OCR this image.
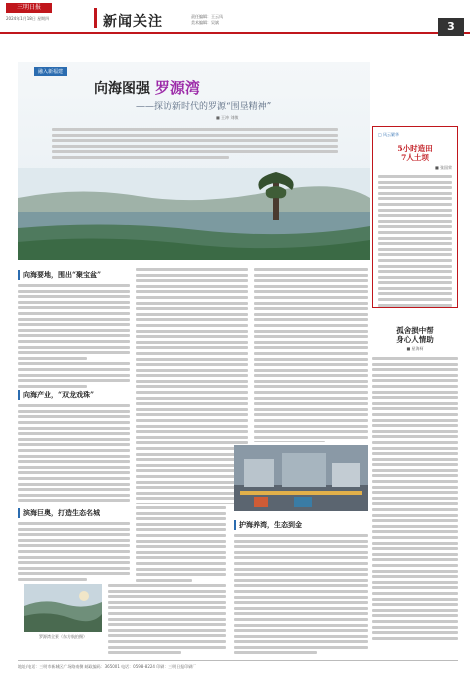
三明日报
2024年1月18日 星期四	新闻关注	责任编辑：王云凤
美术编辑：吴斌	3
融入新福建
向海图强 罗源湾
——探访新时代的罗源“围垦精神”
■ 王冲 刘敏
向海要地，围出“聚宝盆”
向海产业，“双龙戏珠”
滨海巨奥，打造生态名城
护海养湾，生态到金
罗源湾全景（东方航拍摄）
□ 风云繁华
5小时造田
7人土坝
■ 张国荣
孤舍损中帮
身心人情助
■ 星海柯
地址/电话：三明市新城区广场路南侧 邮政编码：365001 电话：0598-8224 印刷：三明日报印刷厂
